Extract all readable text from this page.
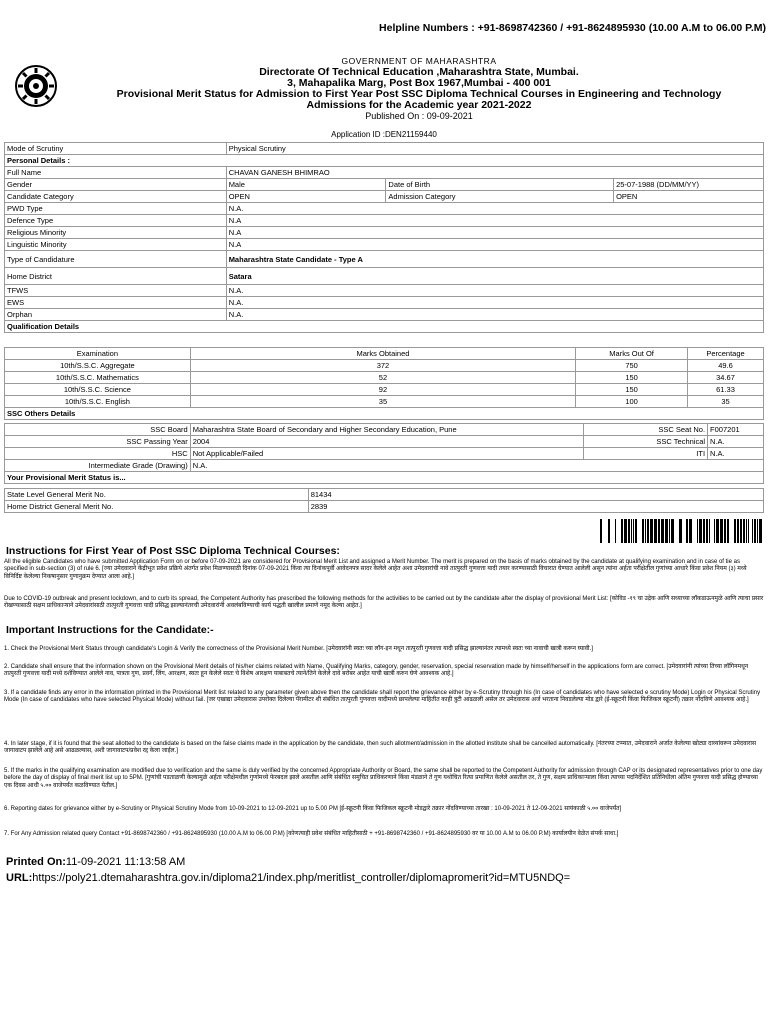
Helpline Numbers : +91-8698742360 / +91-8624895930 (10.00 A.M to 06.00 P.M)
GOVERNMENT OF MAHARASHTRA
Directorate Of Technical Education ,Maharashtra State, Mumbai.
3, Mahapalika Marg, Post Box 1967,Mumbai - 400 001
Provisional Merit Status for Admission to First Year Post SSC Diploma Technical Courses in Engineering and Technology
Admissions for the Academic year 2021-2022
Published On : 09-09-2021
Application ID :DEN21159440
Mode of Scrutiny	Physical Scrutiny		
Personal Details :			
Full Name	CHAVAN GANESH BHIMRAO		
Gender	Male	Date of Birth	25-07-1988 (DD/MM/YY)
Candidate Category	OPEN	Admission Category	OPEN
PWD Type	N.A.		
Defence Type	N.A		
Religious Minority	N.A		
Linguistic Minority	N.A		
Type of Candidature	Maharashtra State Candidate - Type A		
Home District	Satara		
TFWS	N.A.		
EWS	N.A.		
Orphan	N.A.		
Qualification Details			
Examination	Marks Obtained	Marks Out Of	Percentage
10th/S.S.C. Aggregate	372	750	49.6
10th/S.S.C. Mathematics	52	150	34.67
10th/S.S.C. Science	92	150	61.33
10th/S.S.C. English	35	100	35
SSC Others Details			
SSC Board	Maharashtra State Board of Secondary and Higher Secondary Education, Pune	SSC Seat No.	F007201
SSC Passing Year	2004	SSC Technical	N.A.
HSC	Not Applicable/Failed	ITI	N.A.
Intermediate Grade (Drawing)	N.A.		
Your Provisional Merit Status is...			
State Level General Merit No.	81434
Home District General Merit No.	2839
Instructions for First Year of Post SSC Diploma Technical Courses:
All the eligible Candidates who have submitted Application Form on or before 07-09-2021 are considered for Provisional Merit List and assigned a Merit Number. The merit is prepared on the basis of marks obtained by the candidate at qualifying examination and in case of tie as specified in sub-section (3) of rule 6. [ज्या उमेदवाराने केंद्रीभूत प्रवेश प्रक्रिये अंतर्गत प्रवेश मिळण्यासाठी दिनांक 07-09-2021 किंवा त्या दिनांकपूर्वी आवेदनपत्र सादर केलेले आहेत अशा उमेदवारांची नावे तात्पुरती गुणवत्ता यादी तयार करण्यासाठी विचारात घेण्यात आलेली असून त्यांना अर्हता परीक्षेतील गुणांच्या आधारे किंवा प्रवेश नियम (३) मध्ये विनिर्दिष्ट केलेल्या निकषानुसार गुणानुक्रम देण्यात आला आहे.]
Due to COVID-19 outbreak and present lockdown, and to curb its spread, the Competent Authority has prescribed the following methods for the activities to be carried out by the candidate after the display of provisional Merit List: [कोविड -१९ चा उद्रेक आणि सध्याच्या लॉकडाऊनमुळे आणि त्याचा प्रसार रोखण्यासाठी सक्षम प्राधिकाऱ्याने उमेदवारांसाठी तात्पुरती गुणवत्ता यादी प्रसिद्ध झाल्यानंतरची उमेदवारांनी अवलंबविण्याची कार्य पद्धती खालील प्रमाणे नमूद केल्या आहेत.]
Important Instructions for the Candidate:-
1. Check the Provisional Merit Status through candidate's Login & Verify the correctness of the Provisional Merit Number. [उमेदवारांनी स्वतः च्या लॉग-इन मधून तात्पुरती गुणवत्ता यादी प्रसिद्ध झाल्यानंतर त्यामध्ये स्वतः च्या नावाची खात्री करून घ्यावी.]
2. Candidate shall ensure that the information shown on the Provisional Merit details of his/her claims related with Name, Qualifying Marks, category, gender, reservation, special reservation made by himself/herself in the applications form are correct. [उमेदवारांनी त्यांच्या तिच्या लॉगिनमधून तात्पुरती गुणवत्ता यादी मध्ये दर्शविण्यात आलेले नाव, पात्रता गुण, प्रवर्ग, लिंग, आरक्षण, स्वतः हून केलेले स्वतः चे विशेष आरक्षण याबाबतचे त्याने/तिने केलेले दावे बरोबर आहेत याची खात्री करुन घेणे आवश्यक आहे.]
3. If a candidate finds any error in the information printed in the Provisional Merit list related to any parameter given above then the candidate shall report the grievance either by e-Scrutiny through his (In case of candidates who have selected e scrutiny Mode) Login or Physical Scrutiny Mode (In case of candidates who have selected Physical Mode) without fail. [जर एखाद्या उमेदवारास उपरोक्त दिलेल्या पॅरामीटर शी संबंधित तात्पुरती गुणवत्ता यादीमध्ये छापलेल्या माहितीत काही त्रुटी आढळली असेल तर उमेदवारास अर्ज भरताना निवडलेल्या मोड द्वारे (ई-स्क्रूटनी किंवा फिजिकल स्क्रूटनी) तक्रार नोंदविणे आवश्यक आहे.]
4. In later stage, if it is found that the seat allotted to the candidate is based on the false claims made in the application by the candidate, then such allotment/admission in the allotted institute shall be cancelled automatically. [नंतरच्या टप्प्यात, उमेदवाराने अर्जात केलेल्या खोट्या दाव्यांवरून उमेदवारास जागावाटप झालेले आहे असे आढळल्यास, अशी जागावाटप/प्रवेश रद्द केला जाईल.]
5. If the marks in the qualifying examination are modified due to verification and the same is duly verified by the concerned Appropriate Authority or Board, the same shall be reported to the Competent Authority for admission through CAP or its designated representatives prior to one day before the day of display of final merit list up to 5PM. [गुणांची पडताळणी केल्यामुळे अर्हता परीक्षेमधील गुणांमध्ये फेरबदल झाले असतील आणि संबंधित समुचित प्राधिकरणाने किंवा मंडळाने ते गुण यथोचित रित्या प्रमाणित केलेले असतील तर, ते गुण, सक्षम प्राधिकाऱ्याला किंवा त्याच्या पदनिर्देशित प्रतिनिधीला अंतिम गुणवत्ता यादी प्रसिद्ध होण्याच्या एक दिवस आधी ५.०० वाजेपर्यंत कळविण्यात येतील.]
6. Reporting dates for grievance either by e-Scrutiny or Physical Scrutiny Mode from 10-09-2021 to 12-09-2021 up to 5.00 PM [ई-स्क्रूटनी किंवा फिजिकल स्क्रूटनी मोडद्वारे तक्रार नोंदविण्याच्या तारखा : 10-09-2021 ते 12-09-2021 सायंकाळी ५.०० वाजेपर्यंत]
7. For Any Admission related query Contact +91-8698742360 / +91-8624895930 (10.00 A.M to 06.00 P.M) [कोणत्याही प्रवेश संबंधित माहितीसाठी + +91-8698742360 / +91-8624895930 वर या 10.00 A.M to 06.00 P.M) कार्यालयीन वेळेत संपर्क साधा.]
Printed On:11-09-2021 11:13:58 AM
URL:https://poly21.dtemaharashtra.gov.in/diploma21/index.php/meritlist_controller/diplomapromerit?id=MTU5NDQ=
